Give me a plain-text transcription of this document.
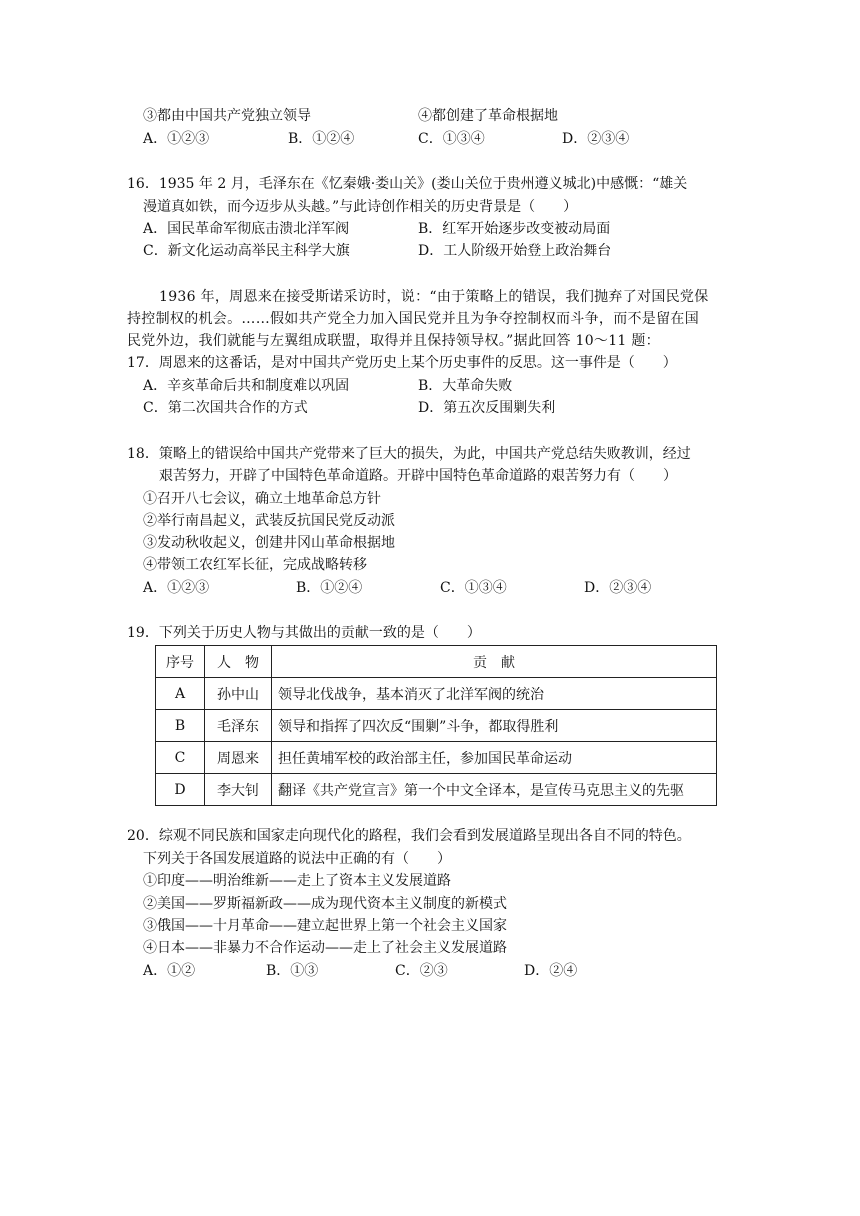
③都由中国共产党独立领导	④都创建了革命根据地
A．①②③	B．①②④	C．①③④	D．②③④
16．1935 年 2 月，毛泽东在《忆秦娥·娄山关》(娄山关位于贵州遵义城北)中感慨：“雄关
漫道真如铁，而今迈步从头越。”与此诗创作相关的历史背景是（　　）
A．国民革命军彻底击溃北洋军阀	B．红军开始逐步改变被动局面
C．新文化运动高举民主科学大旗	D．工人阶级开始登上政治舞台
1936 年，周恩来在接受斯诺采访时，说：“由于策略上的错误，我们抛弃了对国民党保
持控制权的机会。……假如共产党全力加入国民党并且为争夺控制权而斗争，而不是留在国
民党外边，我们就能与左翼组成联盟，取得并且保持领导权。”据此回答 10～11 题：
17．周恩来的这番话，是对中国共产党历史上某个历史事件的反思。这一事件是（　　）
A．辛亥革命后共和制度难以巩固	B．大革命失败
C．第二次国共合作的方式	D．第五次反围剿失利
18．策略上的错误给中国共产党带来了巨大的损失，为此，中国共产党总结失败教训，经过
艰苦努力，开辟了中国特色革命道路。开辟中国特色革命道路的艰苦努力有（　　）
①召开八七会议，确立土地革命总方针
②举行南昌起义，武装反抗国民党反动派
③发动秋收起义，创建井冈山革命根据地
④带领工农红军长征，完成战略转移
A．①②③	B．①②④	C．①③④	D．②③④
19．下列关于历史人物与其做出的贡献一致的是（　　）
序号	人　物	贡　献
A	孙中山	领导北伐战争，基本消灭了北洋军阀的统治
B	毛泽东	领导和指挥了四次反“围剿”斗争，都取得胜利
C	周恩来	担任黄埔军校的政治部主任，参加国民革命运动
D	李大钊	翻译《共产党宣言》第一个中文全译本，是宣传马克思主义的先驱
20．综观不同民族和国家走向现代化的路程，我们会看到发展道路呈现出各自不同的特色。
下列关于各国发展道路的说法中正确的有（　　）
①印度——明治维新——走上了资本主义发展道路
②美国——罗斯福新政——成为现代资本主义制度的新模式
③俄国——十月革命——建立起世界上第一个社会主义国家
④日本——非暴力不合作运动——走上了社会主义发展道路
A．①②	B．①③	C．②③	D．②④
